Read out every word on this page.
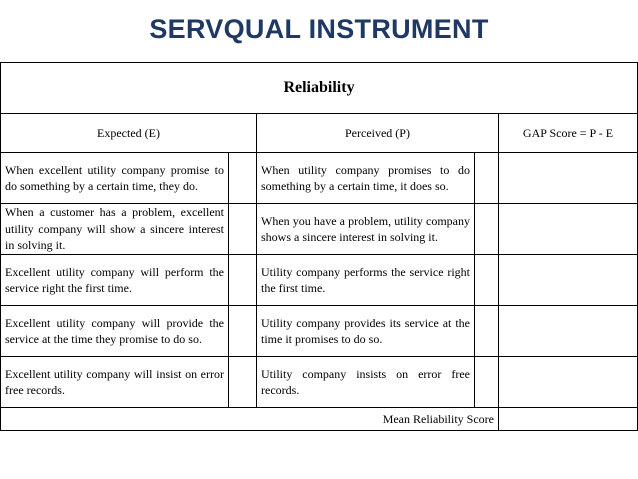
SERVQUAL INSTRUMENT
Reliability				
Expected (E)		Perceived (P)		GAP Score = P - E
When excellent utility company promise to do something by a certain time, they do.		When utility company promises to do something by a certain time, it does so.		
When a customer has a problem, excellent utility company will show a sincere interest in solving it.		When you have a problem, utility company shows a sincere interest in solving it.		
Excellent utility company will perform the service right the first time.		Utility company performs the service right the first time.		
Excellent utility company will provide the service at the time they promise to do so.		Utility company provides its service at the time it promises to do so.		
Excellent utility company will insist on error free records.		Utility company insists on error free records.		
Mean Reliability Score				
